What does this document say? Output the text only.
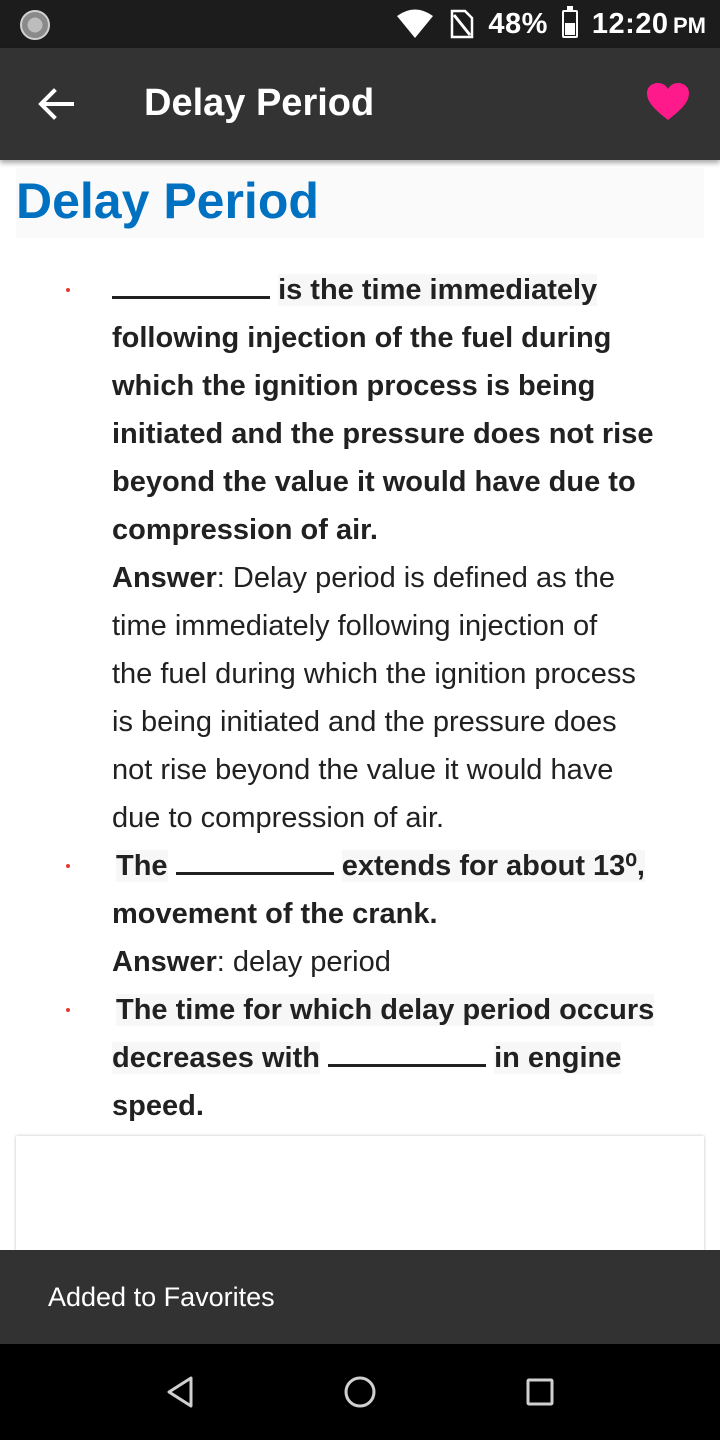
48% 12:20 PM
Delay Period
Delay Period
is the time immediately
following injection of the fuel during
which the ignition process is being
initiated and the pressure does not rise
beyond the value it would have due to
compression of air.
Answer: Delay period is defined as the
time immediately following injection of
the fuel during which the ignition process
is being initiated and the pressure does
not rise beyond the value it would have
due to compression of air.
The	extends for about 13⁰,
movement of the crank.
Answer: delay period
The time for which delay period occurs
decreases with	in engine
speed.
Added to Favorites
